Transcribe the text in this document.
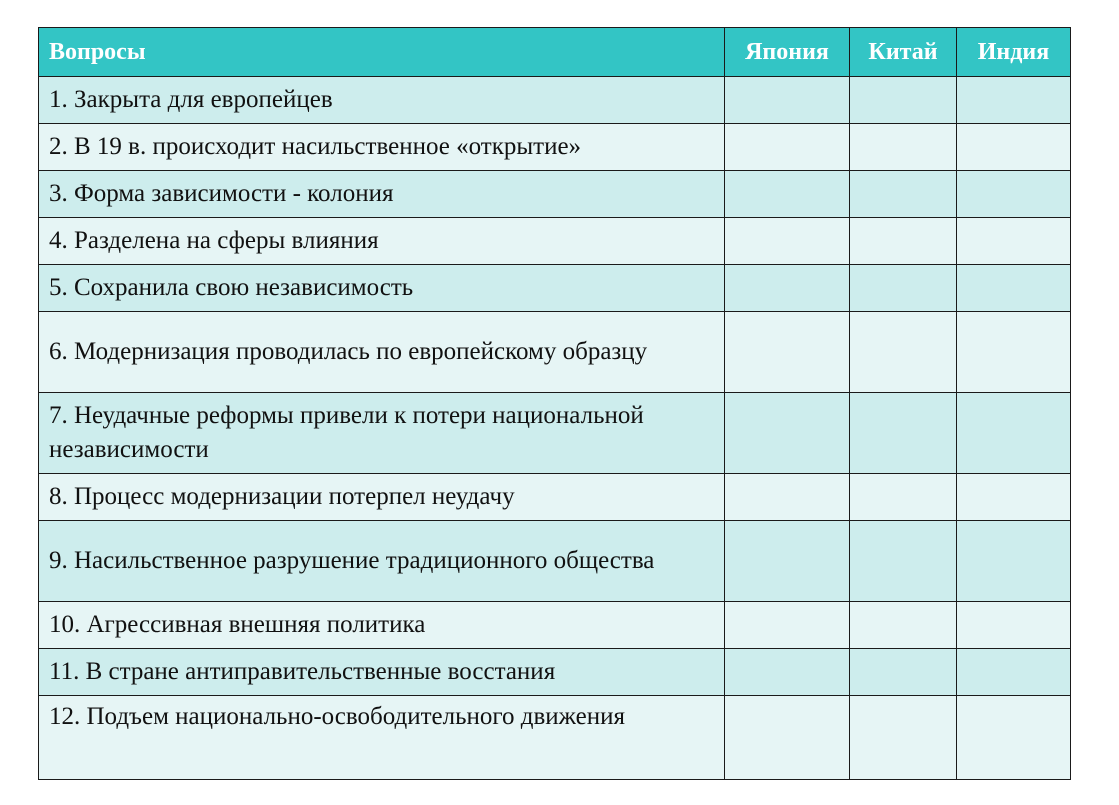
Вопросы	Япония	Китай	Индия
1. Закрыта для европейцев			
2. В 19 в. происходит насильственное «открытие»			
3. Форма зависимости - колония			
4. Разделена на сферы влияния			
5. Сохранила свою независимость			
6. Модернизация проводилась по европейскому образцу			
7. Неудачные реформы привели к потери национальной независимости			
8. Процесс модернизации потерпел неудачу			
9. Насильственное разрушение традиционного общества			
10. Агрессивная внешняя политика			
11. В стране антиправительственные восстания			
12. Подъем национально-освободительного движения			
